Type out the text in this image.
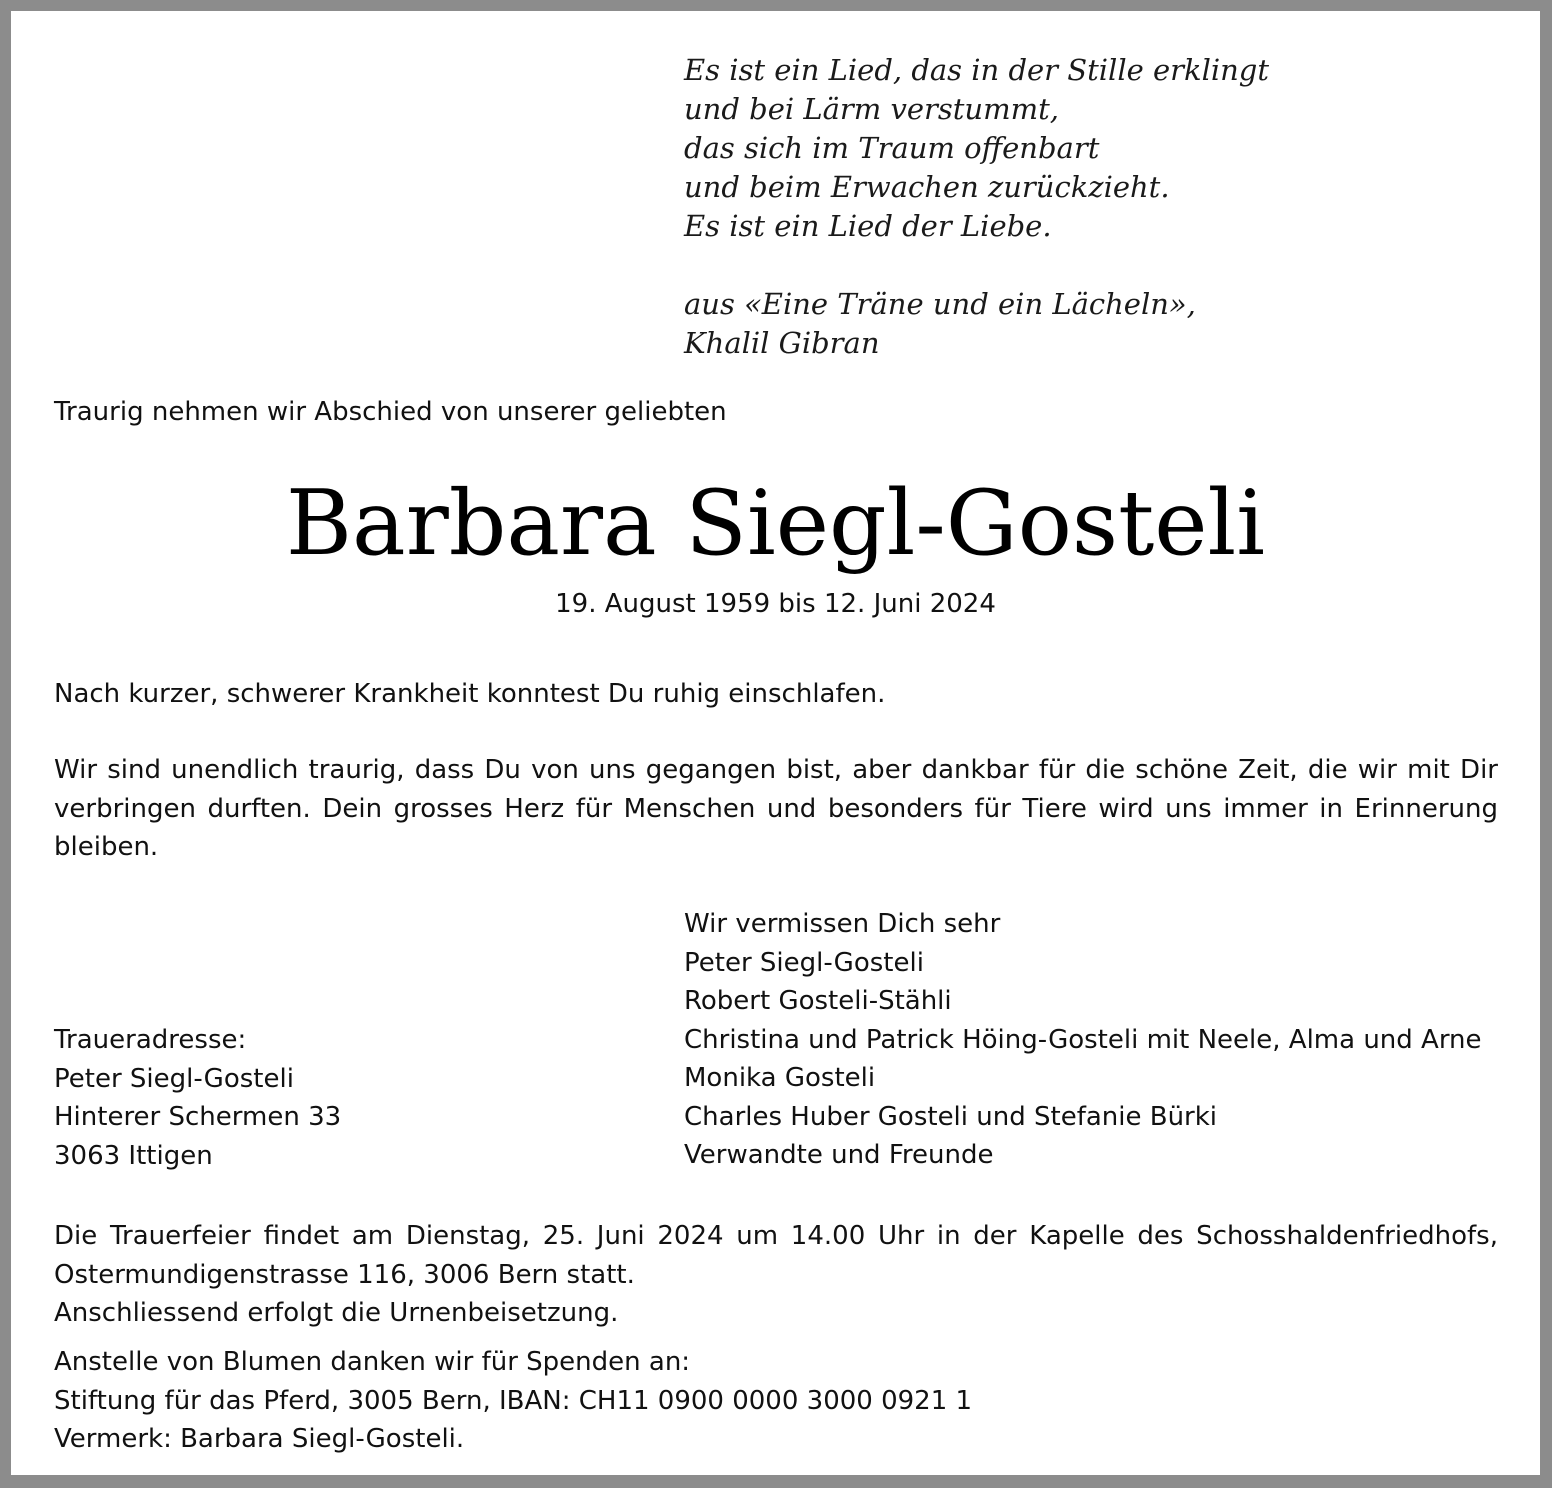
Es ist ein Lied, das in der Stille erklingt
und bei Lärm verstummt,
das sich im Traum offenbart
und beim Erwachen zurückzieht.
Es ist ein Lied der Liebe.
aus «Eine Träne und ein Lächeln»,
Khalil Gibran
Traurig nehmen wir Abschied von unserer geliebten
Barbara Siegl-Gosteli
19. August 1959 bis 12. Juni 2024

Nach kurzer, schwerer Krankheit konntest Du ruhig einschlafen.

Wir sind unendlich traurig, dass Du von uns gegangen bist, aber dankbar für die schöne Zeit, die wir mit Dir
verbringen durften. Dein grosses Herz für Menschen und besonders für Tiere wird uns immer in Erinnerung
bleiben.

Wir vermissen Dich sehr
Peter Siegl-Gosteli
Robert Gosteli-Stähli
Christina und Patrick Höing-Gosteli mit Neele, Alma und Arne
Monika Gosteli
Charles Huber Gosteli und Stefanie Bürki
Verwandte und Freunde
Traueradresse:
Peter Siegl-Gosteli
Hinterer Schermen 33
3063 Ittigen

Die Trauerfeier findet am Dienstag, 25. Juni 2024 um 14.00 Uhr in der Kapelle des Schosshaldenfriedhofs,
Ostermundigenstrasse 116, 3006 Bern statt.
Anschliessend erfolgt die Urnenbeisetzung.

Anstelle von Blumen danken wir für Spenden an:
Stiftung für das Pferd, 3005 Bern, IBAN: CH11 0900 0000 3000 0921 1
Vermerk: Barbara Siegl-Gosteli.
